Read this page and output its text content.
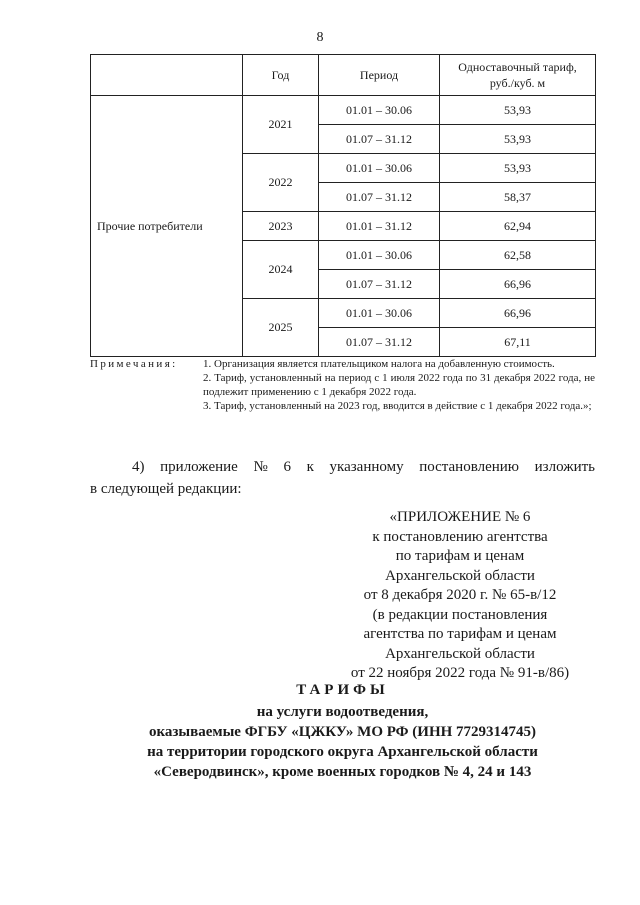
8
	Год	Период	Одноставочный тариф,
руб./куб. м
Прочие потребители	2021	01.01 – 30.06	53,93
		01.07 – 31.12	53,93
	2022	01.01 – 30.06	53,93
		01.07 – 31.12	58,37
	2023	01.01 – 31.12	62,94
	2024	01.01 – 30.06	62,58
		01.07 – 31.12	66,96
	2025	01.01 – 30.06	66,96
		01.07 – 31.12	67,11
Примечания: 1. Организация является плательщиком налога на добавленную стоимость.
2. Тариф, установленный на период с 1 июля 2022 года по 31 декабря 2022 года, не подлежит применению с 1 декабря 2022 года.
3. Тариф, установленный на 2023 год, вводится в действие с 1 декабря 2022 года.»;
4) приложение № 6 к указанному постановлению изложить
в следующей редакции:
«ПРИЛОЖЕНИЕ № 6
к постановлению агентства
по тарифам и ценам
Архангельской области
от 8 декабря 2020 г. № 65-в/12
(в редакции постановления
агентства по тарифам и ценам
Архангельской области
от 22 ноября 2022 года № 91-в/86)
ТАРИФЫ
на услуги водоотведения,
оказываемые ФГБУ «ЦЖКУ» МО РФ (ИНН 7729314745)
на территории городского округа Архангельской области
«Северодвинск», кроме военных городков № 4, 24 и 143
